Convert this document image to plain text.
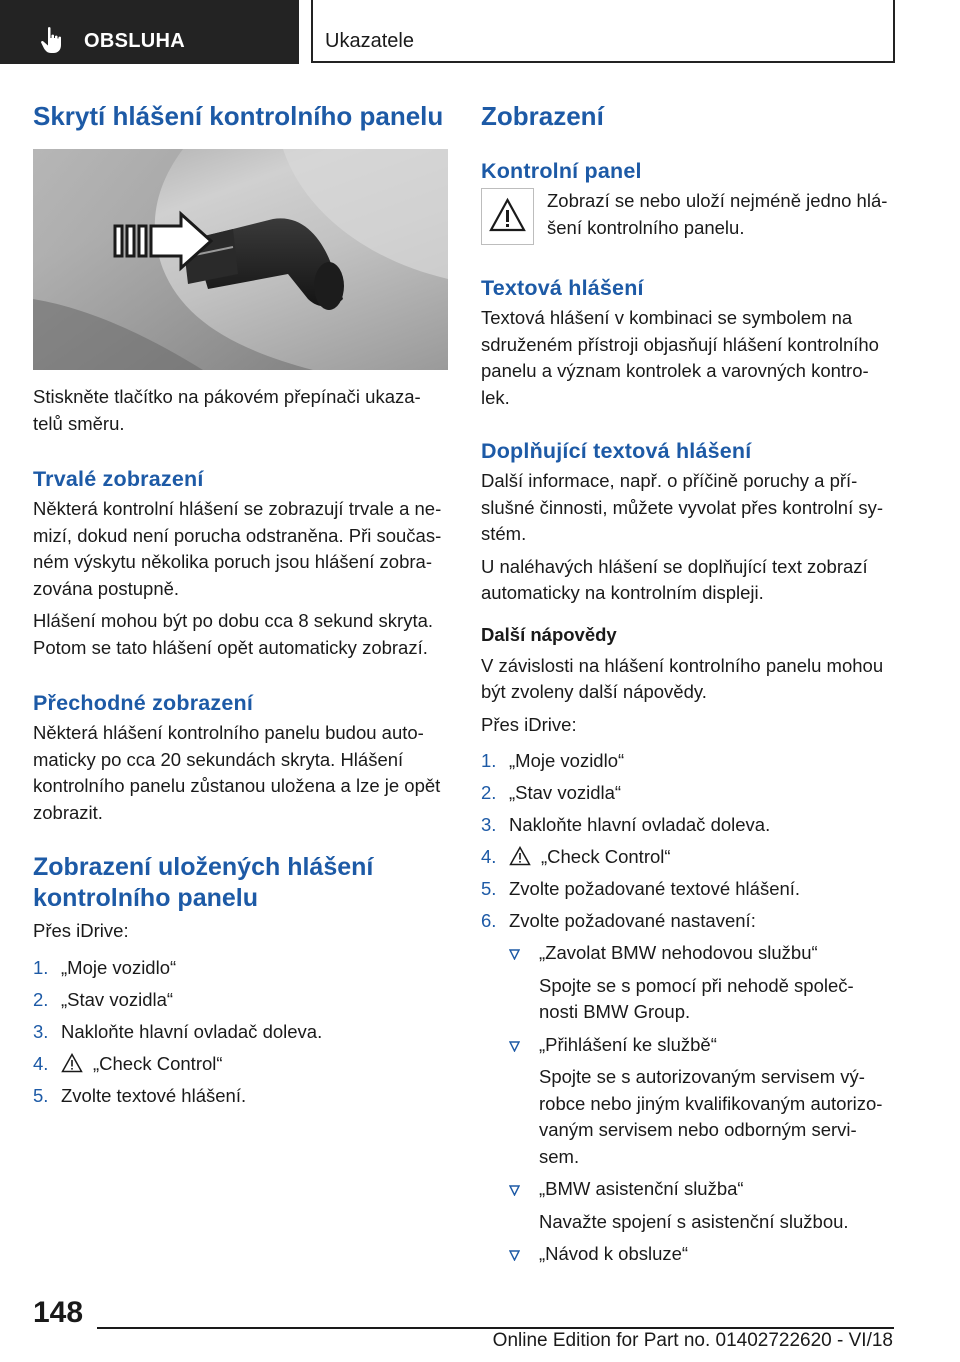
OBSLUHA	Ukazatele
Skrytí hlášení kontrolního panelu

Stiskněte tlačítko na pákovém přepínači ukaza-
telů směru.

Trvalé zobrazení

Některá kontrolní hlášení se zobrazují trvale a ne-
mizí, dokud není porucha odstraněna. Při součas-
ném výskytu několika poruch jsou hlášení zobra-
zována postupně.

Hlášení mohou být po dobu cca 8 sekund skryta.
Potom se tato hlášení opět automaticky zobrazí.

Přechodné zobrazení

Některá hlášení kontrolního panelu budou auto-
maticky po cca 20 sekundách skryta. Hlášení
kontrolního panelu zůstanou uložena a lze je opět
zobrazit.

Zobrazení uložených hlášení
kontrolního panelu

Přes iDrive:

1. „Moje vozidlo“
2. „Stav vozidla“
3. Nakloňte hlavní ovladač doleva.
4. „Check Control“
5. Zvolte textové hlášení.
Zobrazení
Kontrolní panel

Zobrazí se nebo uloží nejméně jedno hlá-
šení kontrolního panelu.

Textová hlášení

Textová hlášení v kombinaci se symbolem na
sdruženém přístroji objasňují hlášení kontrolního
panelu a význam kontrolek a varovných kontro-
lek.

Doplňující textová hlášení

Další informace, např. o příčině poruchy a pří-
slušné činnosti, můžete vyvolat přes kontrolní sy-
stém.

U naléhavých hlášení se doplňující text zobrazí
automaticky na kontrolním displeji.

Další nápovědy

V závislosti na hlášení kontrolního panelu mohou
být zvoleny další nápovědy.

Přes iDrive:

1. „Moje vozidlo“
2. „Stav vozidla“
3. Nakloňte hlavní ovladač doleva.
4. „Check Control“
5. Zvolte požadované textové hlášení.
6. Zvolte požadované nastavení:
„Zavolat BMW nehodovou službu“
Spojte se s pomocí při nehodě společ-
nosti BMW Group.
„Přihlášení ke službě“
Spojte se s autorizovaným servisem vý-
robce nebo jiným kvalifikovaným autorizo-
vaným servisem nebo odborným servi-
sem.
„BMW asistenční služba“
Navažte spojení s asistenční službou.
„Návod k obsluze“
148
Online Edition for Part no. 01402722620 - VI/18
